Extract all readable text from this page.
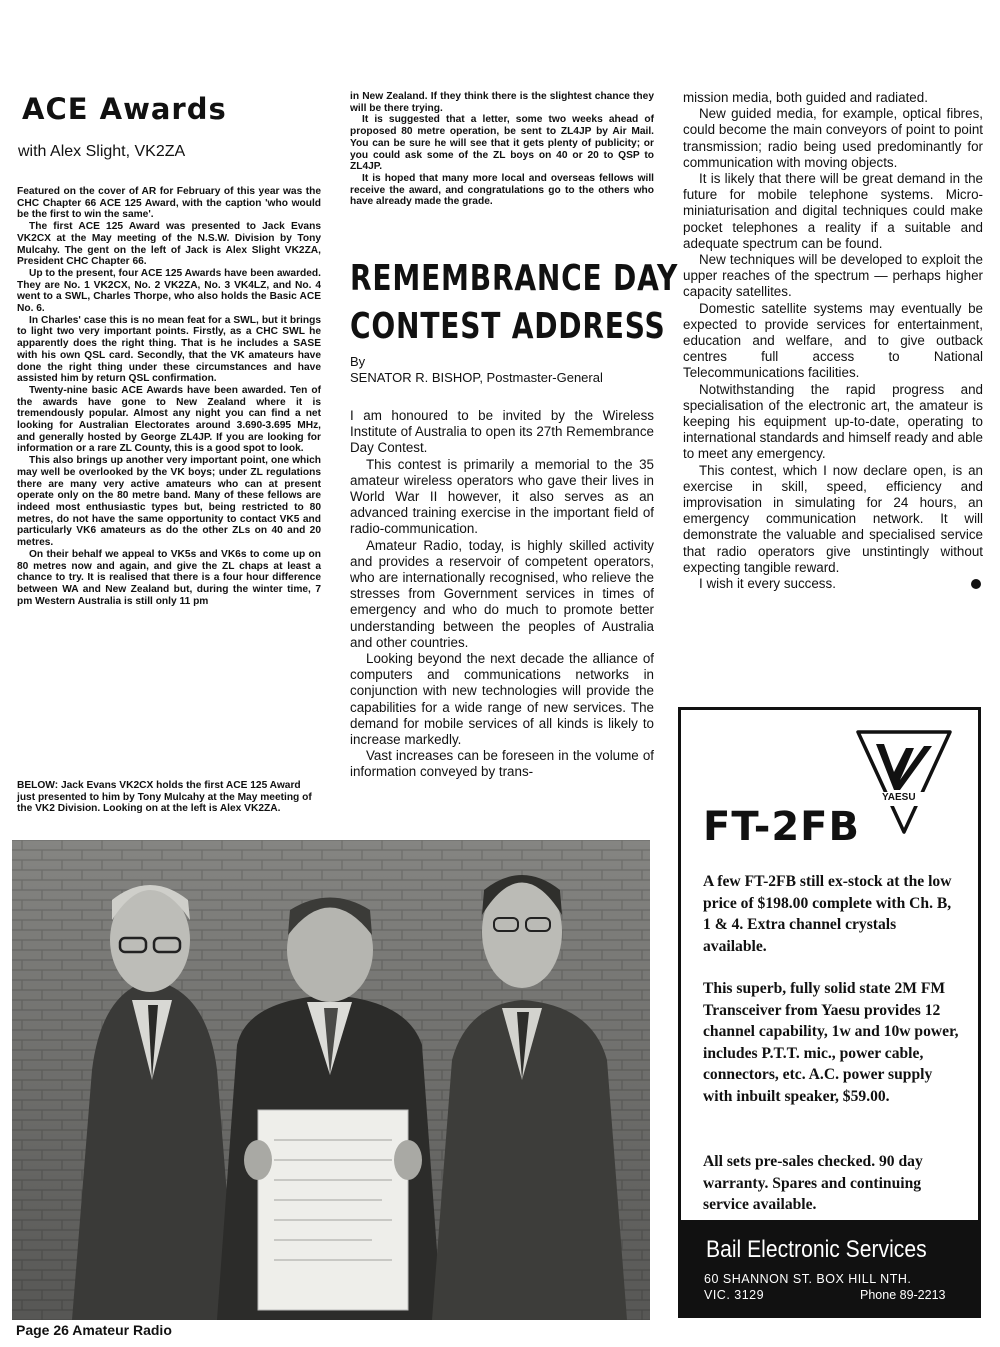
ACE Awards
with Alex Slight, VK2ZA

Featured on the cover of AR for February of this year was the CHC Chapter 66 ACE 125 Award, with the caption 'who would be the first to win the same'.

The first ACE 125 Award was presented to Jack Evans VK2CX at the May meeting of the N.S.W. Division by Tony Mulcahy. The gent on the left of Jack is Alex Slight VK2ZA, President CHC Chapter 66.

Up to the present, four ACE 125 Awards have been awarded. They are No. 1 VK2CX, No. 2 VK2ZA, No. 3 VK4LZ, and No. 4 went to a SWL, Charles Thorpe, who also holds the Basic ACE No. 6.

In Charles' case this is no mean feat for a SWL, but it brings to light two very important points. Firstly, as a CHC SWL he apparently does the right thing. That is he includes a SASE with his own QSL card. Secondly, that the VK amateurs have done the right thing under these circumstances and have assisted him by return QSL confirmation.

Twenty-nine basic ACE Awards have been awarded. Ten of the awards have gone to New Zealand where it is tremendously popular. Almost any night you can find a net looking for Australian Electorates around 3.690-3.695 MHz, and generally hosted by George ZL4JP. If you are looking for information or a rare ZL County, this is a good spot to look.

This also brings up another very important point, one which may well be overlooked by the VK boys; under ZL regulations there are many very active amateurs who can at present operate only on the 80 metre band. Many of these fellows are indeed most enthusiastic types but, being restricted to 80 metres, do not have the same opportunity to contact VK5 and particularly VK6 amateurs as do the other ZLs on 40 and 20 metres.

On their behalf we appeal to VK5s and VK6s to come up on 80 metres now and again, and give the ZL chaps at least a chance to try. It is realised that there is a four hour difference between WA and New Zealand but, during the winter time, 7 pm Western Australia is still only 11 pm

BELOW: Jack Evans VK2CX holds the first ACE 125 Award just presented to him by Tony Mulcahy at the May meeting of the VK2 Division. Looking on at the left is Alex VK2ZA.

in New Zealand. If they think there is the slightest chance they will be there trying.

It is suggested that a letter, some two weeks ahead of proposed 80 metre operation, be sent to ZL4JP by Air Mail. You can be sure he will see that it gets plenty of publicity; or you could ask some of the ZL boys on 40 or 20 to QSP to ZL4JP.

It is hoped that many more local and overseas fellows will receive the award, and congratulations go to the others who have already made the grade.

REMEMBRANCE DAY
CONTEST ADDRESS
By
SENATOR R. BISHOP, Postmaster-General

I am honoured to be invited by the Wireless Institute of Australia to open its 27th Remembrance Day Contest.

This contest is primarily a memorial to the 35 amateur wireless operators who gave their lives in World War II however, it also serves as an advanced training exercise in the important field of radio-communication.

Amateur Radio, today, is highly skilled activity and provides a reservoir of competent operators, who are internationally recognised, who relieve the stresses from Government services in times of emergency and who do much to promote better understanding between the peoples of Australia and other countries.

Looking beyond the next decade the alliance of computers and communications networks in conjunction with new technologies will provide the capabilities for a wide range of new services. The demand for mobile services of all kinds is likely to increase markedly.

Vast increases can be foreseen in the volume of information conveyed by trans-

mission media, both guided and radiated.

New guided media, for example, optical fibres, could become the main conveyors of point to point transmission; radio being used predominantly for communication with moving objects.

It is likely that there will be great demand in the future for mobile telephone systems. Micro-miniaturisation and digital techniques could make pocket telephones a reality if a suitable and adequate spectrum can be found.

New techniques will be developed to exploit the upper reaches of the spectrum — perhaps higher capacity satellites.

Domestic satellite systems may eventually be expected to provide services for entertainment, education and welfare, and to give outback centres full access to National Telecommunications facilities.

Notwithstanding the rapid progress and specialisation of the electronic art, the amateur is keeping his equipment up-to-date, operating to international standards and himself ready and able to meet any emergency.

This contest, which I now declare open, is an exercise in skill, speed, efficiency and improvisation in simulating for 24 hours, an emergency communication network. It will demonstrate the valuable and specialised service that radio operators give unstintingly without expecting tangible reward.

I wish it every success.

YAESU
FT-2FB
A few FT-2FB still ex-stock at the low price of $198.00 complete with Ch. B, 1 & 4. Extra channel crystals available.
This superb, fully solid state 2M FM Transceiver from Yaesu provides 12 channel capability, 1w and 10w power, includes P.T.T. mic., power cable, connectors, etc. A.C. power supply with inbuilt speaker, $59.00.
All sets pre-sales checked. 90 day warranty. Spares and continuing service available.
Bail Electronic Services
60 SHANNON ST. BOX HILL NTH.
VIC. 3129	Phone 89-2213
Page 26 Amateur Radio
